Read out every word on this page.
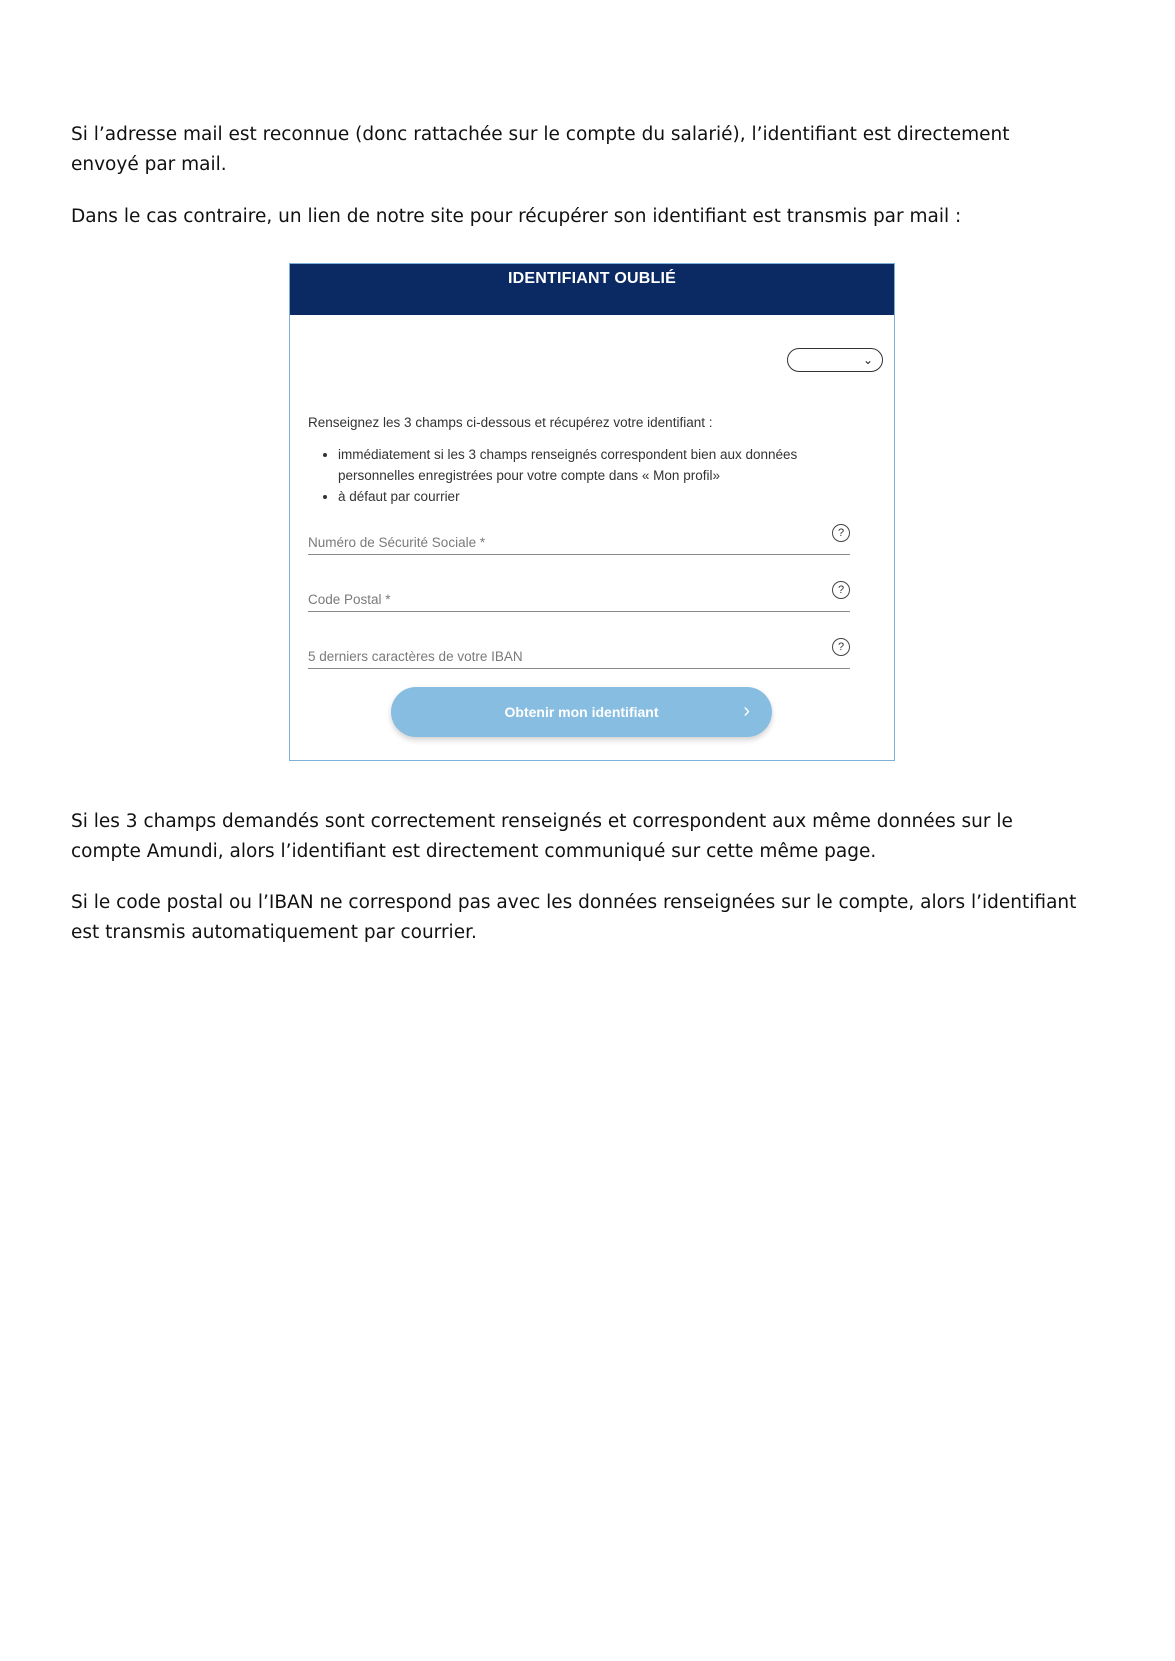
Si l’adresse mail est reconnue (donc rattachée sur le compte du salarié), l’identifiant est directement envoyé par mail.

Dans le cas contraire, un lien de notre site pour récupérer son identifiant est transmis par mail :

IDENTIFIANT OUBLIÉ
⌄

Renseignez les 3 champs ci-dessous et récupérez votre identifiant :

• immédiatement si les 3 champs renseignés correspondent bien aux données personnelles enregistrées pour votre compte dans « Mon profil»
• à défaut par courrier
Numéro de Sécurité Sociale *
?
Code Postal *
?
5 derniers caractères de votre IBAN
?
Obtenir mon identifiant	›

Si les 3 champs demandés sont correctement renseignés et correspondent aux même données sur le compte Amundi, alors l’identifiant est directement communiqué sur cette même page.

Si le code postal ou l’IBAN ne correspond pas avec les données renseignées sur le compte, alors l’identifiant est transmis automatiquement par courrier.
